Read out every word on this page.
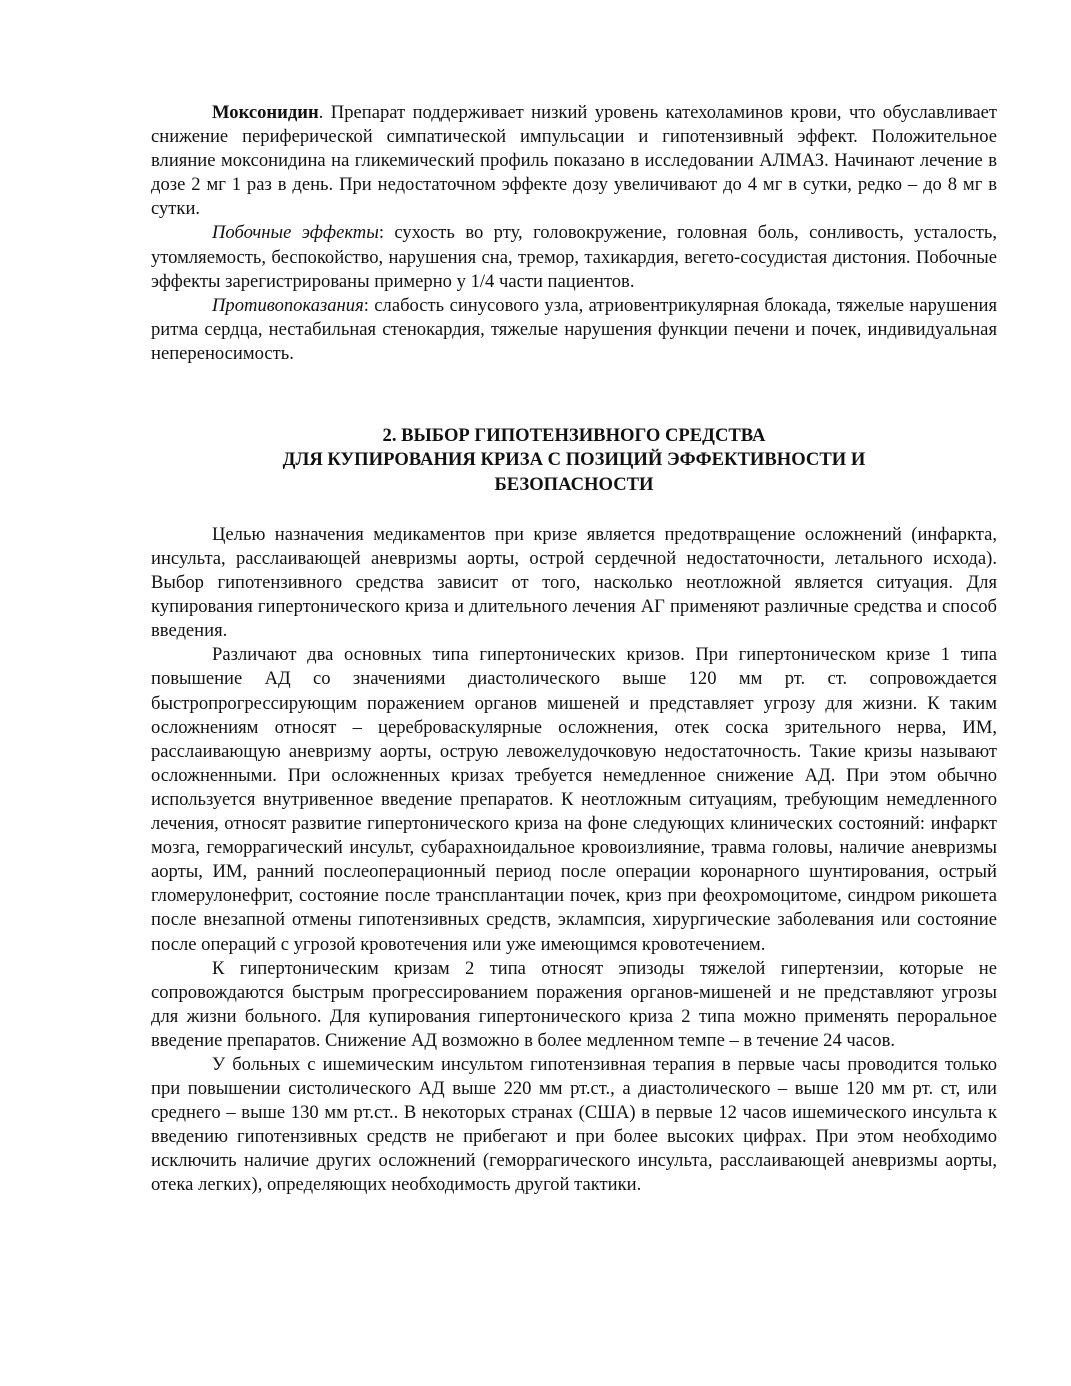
Моксонидин. Препарат поддерживает низкий уровень катехоламинов крови, что обуславливает снижение периферической симпатической импульсации и гипотензивный эффект. Положительное влияние моксонидина на гликемический профиль показано в исследовании АЛМАЗ. Начинают лечение в дозе 2 мг 1 раз в день. При недостаточном эффекте дозу увеличивают до 4 мг в сутки, редко – до 8 мг в сутки.

Побочные эффекты: сухость во рту, головокружение, головная боль, сонливость, усталость, утомляемость, беспокойство, нарушения сна, тремор, тахикардия, вегето-сосудистая дистония. Побочные эффекты зарегистрированы примерно у 1/4 части пациентов.

Противопоказания: слабость синусового узла, атриовентрикулярная блокада, тяжелые нарушения ритма сердца, нестабильная стенокардия, тяжелые нарушения функции печени и почек, индивидуальная непереносимость.

2. ВЫБОР ГИПОТЕНЗИВНОГО СРЕДСТВА
ДЛЯ КУПИРОВАНИЯ КРИЗА С ПОЗИЦИЙ ЭФФЕКТИВНОСТИ И
БЕЗОПАСНОСТИ

Целью назначения медикаментов при кризе является предотвращение осложнений (инфаркта, инсульта, расслаивающей аневризмы аорты, острой сердечной недостаточности, летального исхода). Выбор гипотензивного средства зависит от того, насколько неотложной является ситуация. Для купирования гипертонического криза и длительного лечения АГ применяют различные средства и способ введения.

Различают два основных типа гипертонических кризов. При гипертоническом кризе 1 типа повышение АД со значениями диастолического выше 120 мм рт. ст. сопровождается быстропрогрессирующим поражением органов мишеней и представляет угрозу для жизни. К таким осложнениям относят – цереброваскулярные осложнения, отек соска зрительного нерва, ИМ, расслаивающую аневризму аорты, острую левожелудочковую недостаточность. Такие кризы называют осложненными. При осложненных кризах требуется немедленное снижение АД. При этом обычно используется внутривенное введение препаратов. К неотложным ситуациям, требующим немедленного лечения, относят развитие гипертонического криза на фоне следующих клинических состояний: инфаркт мозга, геморрагический инсульт, субарахноидальное кровоизлияние, травма головы, наличие аневризмы аорты, ИМ, ранний послеоперационный период после операции коронарного шунтирования, острый гломерулонефрит, состояние после трансплантации почек, криз при феохромоцитоме, синдром рикошета после внезапной отмены гипотензивных средств, эклампсия, хирургические заболевания или состояние после операций с угрозой кровотечения или уже имеющимся кровотечением.

К гипертоническим кризам 2 типа относят эпизоды тяжелой гипертензии, которые не сопровождаются быстрым прогрессированием поражения органов-мишеней и не представляют угрозы для жизни больного. Для купирования гипертонического криза 2 типа можно применять пероральное введение препаратов. Снижение АД возможно в более медленном темпе – в течение 24 часов.

У больных с ишемическим инсультом гипотензивная терапия в первые часы проводится только при повышении систолического АД выше 220 мм рт.ст., а диастолического – выше 120 мм рт. ст, или среднего – выше 130 мм рт.ст.. В некоторых странах (США) в первые 12 часов ишемического инсульта к введению гипотензивных средств не прибегают и при более высоких цифрах. При этом необходимо исключить наличие других осложнений (геморрагического инсульта, расслаивающей аневризмы аорты, отека легких), определяющих необходимость другой тактики.
